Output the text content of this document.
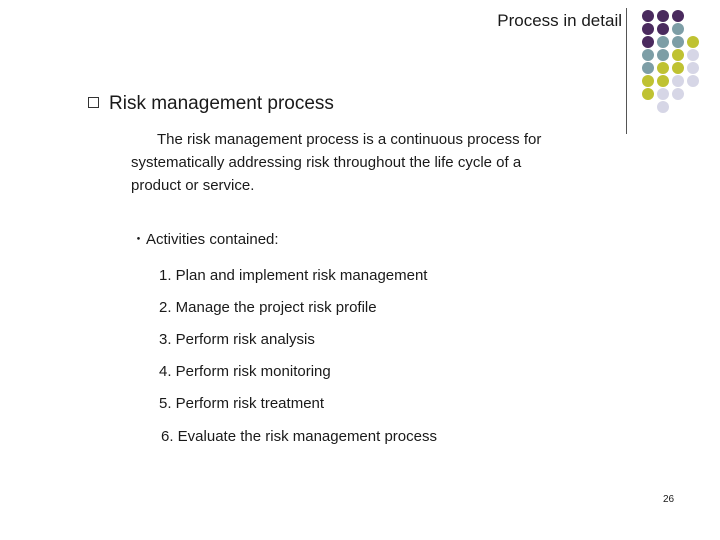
Process in detail
Risk management process
The risk management process is a continuous process for
systematically addressing risk throughout the life cycle of a
product or service.
・Activities contained:
1. Plan and implement risk management
2. Manage the project risk profile
3. Perform risk analysis
4. Perform risk monitoring
5. Perform risk treatment
6. Evaluate the risk management process
26
